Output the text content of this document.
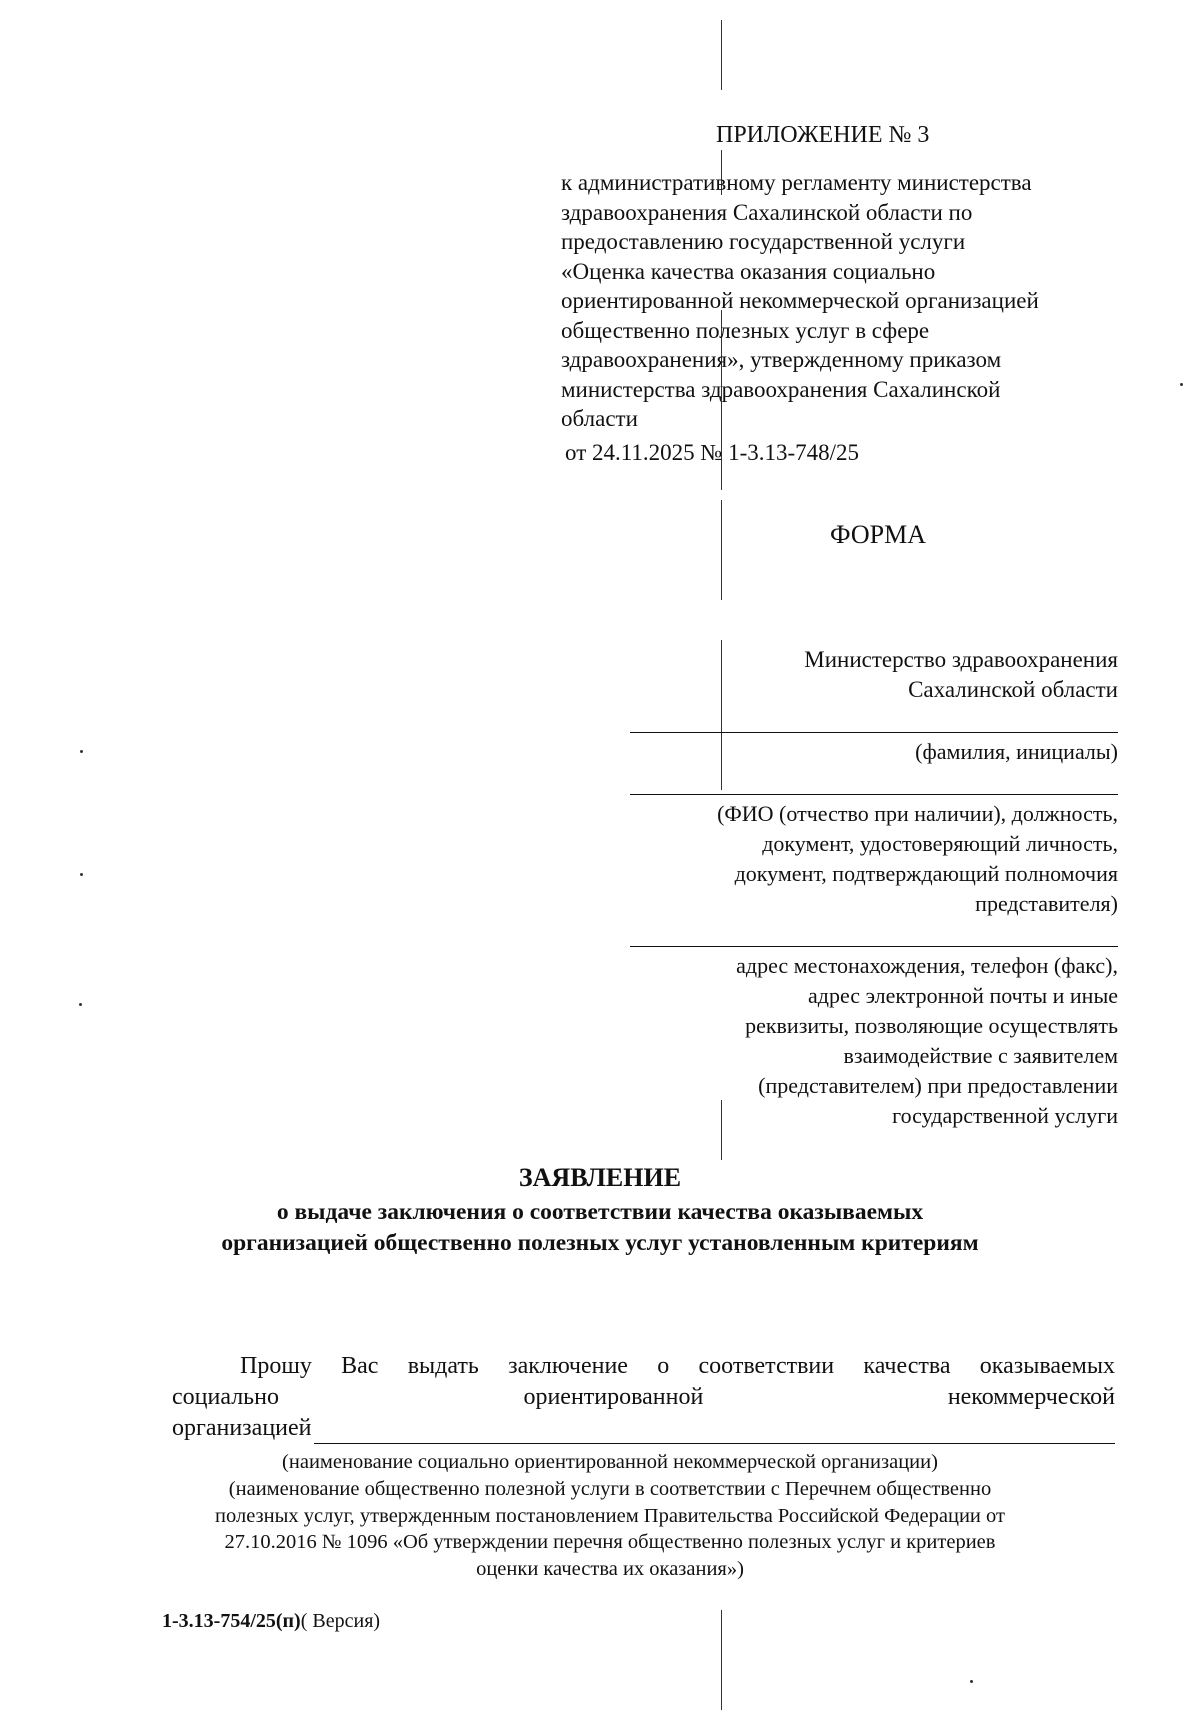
ПРИЛОЖЕНИЕ № 3
к административному регламенту министерства
здравоохранения Сахалинской области по
предоставлению государственной услуги
«Оценка качества оказания социально
ориентированной некоммерческой организацией
общественно полезных услуг в сфере
здравоохранения», утвержденному приказом
министерства здравоохранения Сахалинской
области
от 24.11.2025 № 1-3.13-748/25
ФОРМА
Министерство здравоохранения
Сахалинской области
(фамилия, инициалы)
(ФИО (отчество при наличии), должность,
документ, удостоверяющий личность,
документ, подтверждающий полномочия
представителя)
адрес местонахождения, телефон (факс),
адрес электронной почты и иные
реквизиты, позволяющие осуществлять
взаимодействие с заявителем
(представителем) при предоставлении
государственной услуги
ЗАЯВЛЕНИЕ
о выдаче заключения о соответствии качества оказываемых
организацией общественно полезных услуг установленным критериям
Прошу Вас выдать заключение о соответствии качества оказываемых
социально	ориентированной	некоммерческой
организацией
(наименование социально ориентированной некоммерческой организации)
(наименование общественно полезной услуги в соответствии с Перечнем общественно
полезных услуг, утвержденным постановлением Правительства Российской Федерации от
27.10.2016 № 1096 «Об утверждении перечня общественно полезных услуг и критериев
оценки качества их оказания»)
1-3.13-754/25(п)( Версия)
